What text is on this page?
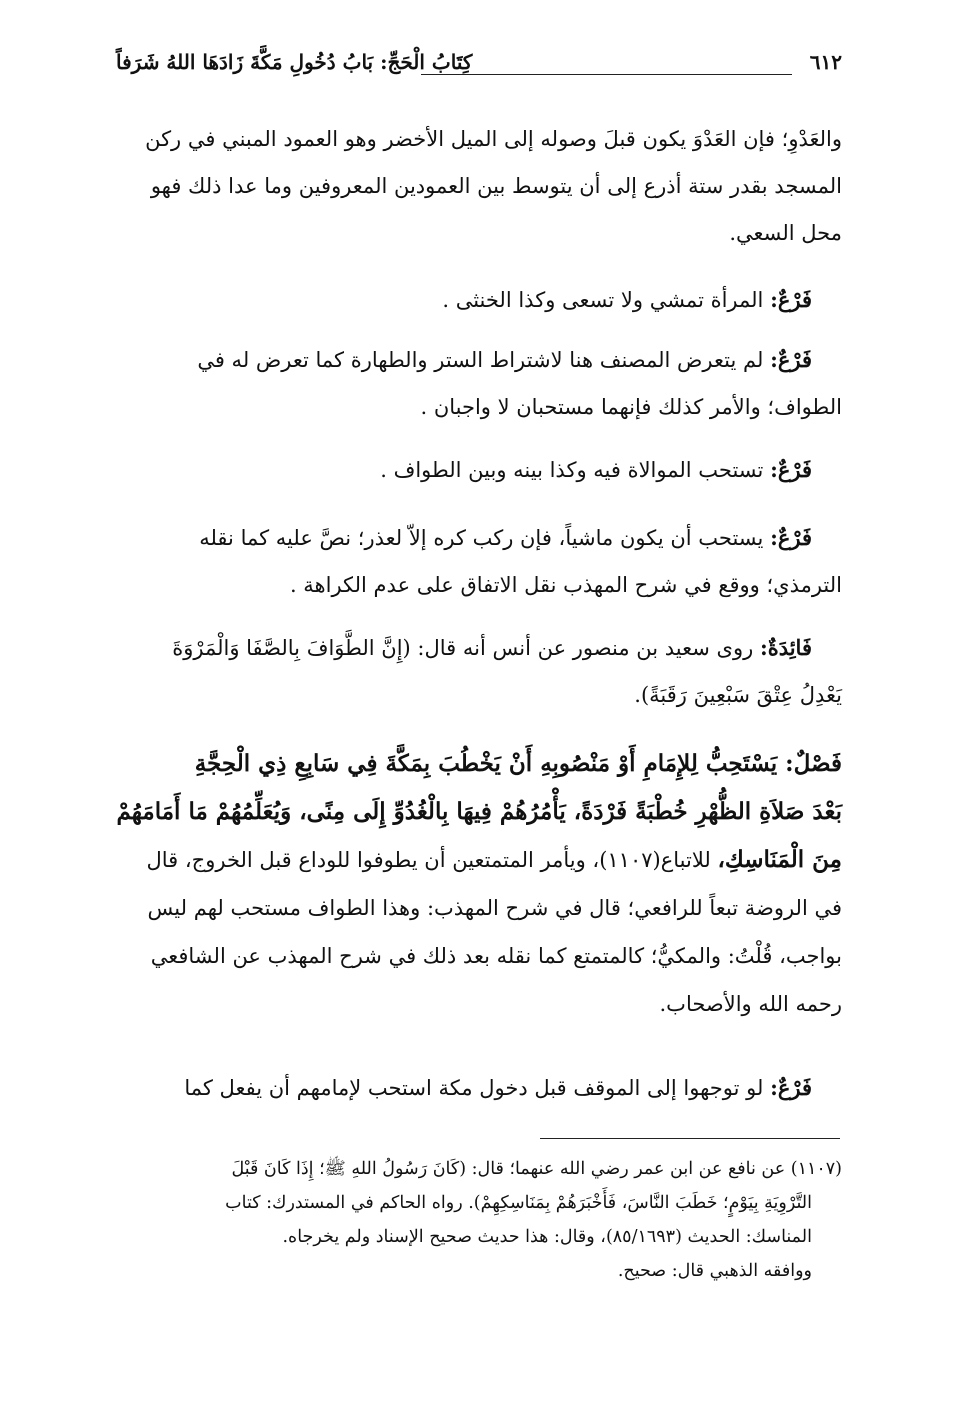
٦١٢
كِتَابُ الْحَجِّ: بَابُ دُخُولِ مَكَّةَ زَادَهَا اللهُ شَرَفاً

والعَدْوِ؛ فإن العَدْوَ يكون قبلَ وصوله إلى الميل الأخضر وهو العمود المبني في ركن
المسجد بقدر ستة أذرع إلى أن يتوسط بين العمودين المعروفين وما عدا ذلك فهو
محل السعي.

فَرْعٌ: المرأة تمشي ولا تسعى وكذا الخنثى .

فَرْعٌ: لم يتعرض المصنف هنا لاشتراط الستر والطهارة كما تعرض له في
الطواف؛ والأمر كذلك فإنهما مستحبان لا واجبان .

فَرْعٌ: تستحب الموالاة فيه وكذا بينه وبين الطواف .

فَرْعٌ: يستحب أن يكون ماشياً، فإن ركب كره إلاّ لعذر؛ نصَّ عليه كما نقله
الترمذي؛ ووقع في شرح المهذب نقل الاتفاق على عدم الكراهة .

فَائِدَةٌ: روى سعيد بن منصور عن أنس أنه قال: (إِنَّ الطَّوَافَ بِالصَّفَا وَالْمَرْوَةَ
يَعْدِلُ عِتْقَ سَبْعِينَ رَقَبَةً).

فَصْلٌ: يَسْتَحِبُّ لِلإِمَامِ أَوْ مَنْصُوبِهِ أَنْ يَخْطُبَ بِمَكَّةَ فِي سَابِعِ ذِي الْحِجَّةِ
بَعْدَ صَلاَةِ الظُّهْرِ خُطْبَةً فَرْدَةً، يَأْمُرُهُمْ فِيهَا بِالْغُدُوِّ إِلَى مِنًى، وَيُعَلِّمُهُمْ مَا أَمَامَهُمْ
مِنَ الْمَنَاسِكِ، للاتباع(١١٠٧)، ويأمر المتمتعين أن يطوفوا للوداع قبل الخروج، قال
في الروضة تبعاً للرافعي؛ قال في شرح المهذب: وهذا الطواف مستحب لهم ليس
بواجب، قُلْتُ: والمكيُّ؛ كالمتمتع كما نقله بعد ذلك في شرح المهذب عن الشافعي
رحمه الله والأصحاب.

فَرْعٌ: لو توجهوا إلى الموقف قبل دخول مكة استحب لإمامهم أن يفعل كما

(١١٠٧) عن نافع عن ابن عمر رضي الله عنهما؛ قال: (كَانَ رَسُولُ اللهِ ﷺ؛ إِذَا كَانَ قَبْلَ
التَّرْوِيَةِ بِيَوْمٍ؛ خَطَبَ النَّاسَ، فَأَخْبَرَهُمْ بِمَنَاسِكِهِمْ). رواه الحاكم في المستدرك: كتاب
المناسك: الحديث (٨٥/١٦٩٣)، وقال: هذا حديث صحيح الإسناد ولم يخرجاه.
ووافقه الذهبي قال: صحيح.
